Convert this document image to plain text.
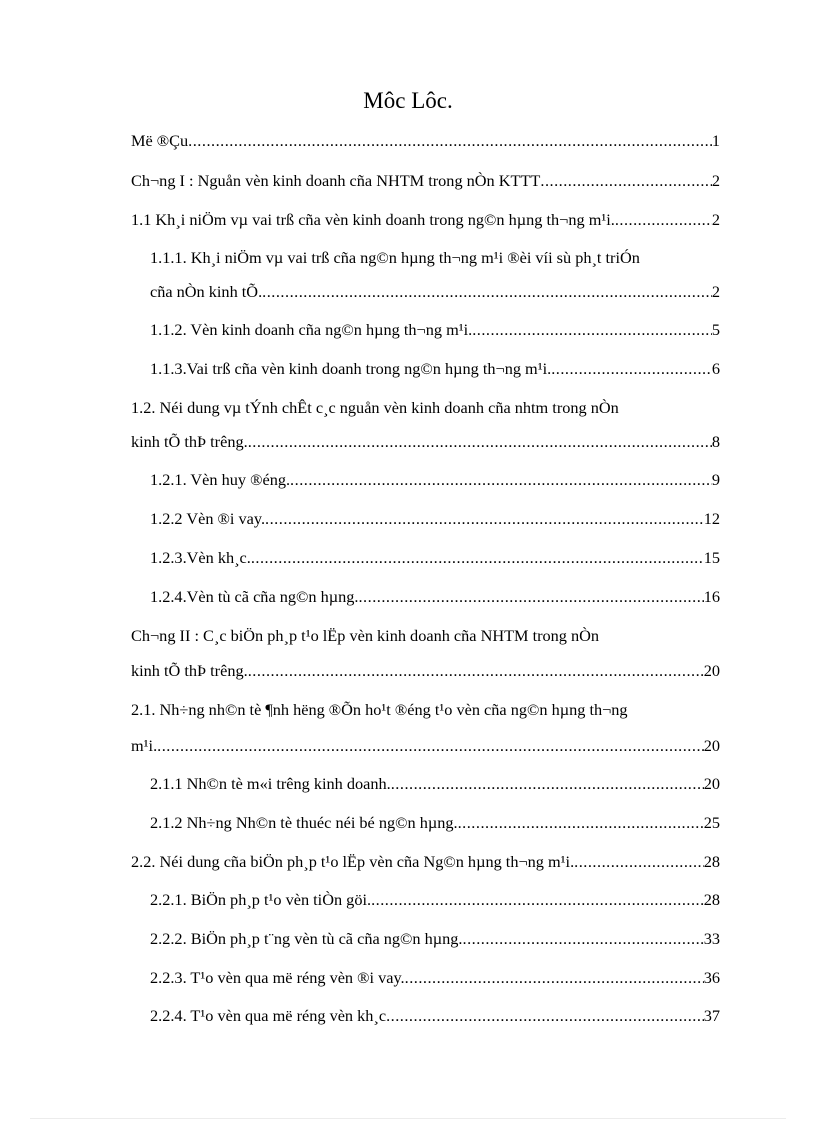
Môc Lôc.
Më ®Çu .....	1
Ch¬ng I : Nguån vèn kinh doanh cña NHTM trong nÒn KTTT .....	2
1.1 Kh¸i niÖm vµ vai trß cña vèn kinh doanh trong ng©n hµng th¬ng m¹i. .....	2
1.1.1. Kh¸i niÖm vµ vai trß cña ng©n hµng th¬ng m¹i ®èi víi sù ph¸t triÓn
cña nÒn kinh tÕ. .....	2
1.1.2. Vèn kinh doanh cña ng©n hµng th¬ng m¹i. .....	5
1.1.3.Vai trß cña vèn kinh doanh trong ng©n hµng th¬ng m¹i. .....	6
1.2. Néi dung vµ tÝnh chÊt c¸c nguån vèn kinh doanh cña nhtm trong nÒn
kinh tÕ thÞ trêng. .....	8
1.2.1. Vèn huy ®éng. .....	9
1.2.2 Vèn ®i vay. .....	12
1.2.3.Vèn kh¸c. .....	15
1.2.4.Vèn tù cã cña ng©n hµng. .....	16
Ch¬ng II : C¸c biÖn ph¸p t¹o lËp vèn kinh doanh cña NHTM trong nÒn
kinh tÕ thÞ trêng. .....	20
2.1. Nh÷ng nh©n tè ¶nh hëng ®Õn ho¹t ®éng t¹o vèn cña ng©n hµng th¬ng
m¹i. .....	20
2.1.1 Nh©n tè m«i trêng kinh doanh. .....	20
2.1.2 Nh÷ng Nh©n tè thuéc néi bé ng©n hµng. .....	25
2.2. Néi dung cña biÖn ph¸p t¹o lËp vèn cña Ng©n hµng th¬ng m¹i. .....	28
2.2.1. BiÖn ph¸p t¹o vèn tiÒn göi. .....	28
2.2.2. BiÖn ph¸p t¨ng vèn tù cã cña ng©n hµng. .....	33
2.2.3. T¹o vèn qua më réng vèn ®i vay. .....	36
2.2.4. T¹o vèn qua më réng vèn kh¸c .....	37
